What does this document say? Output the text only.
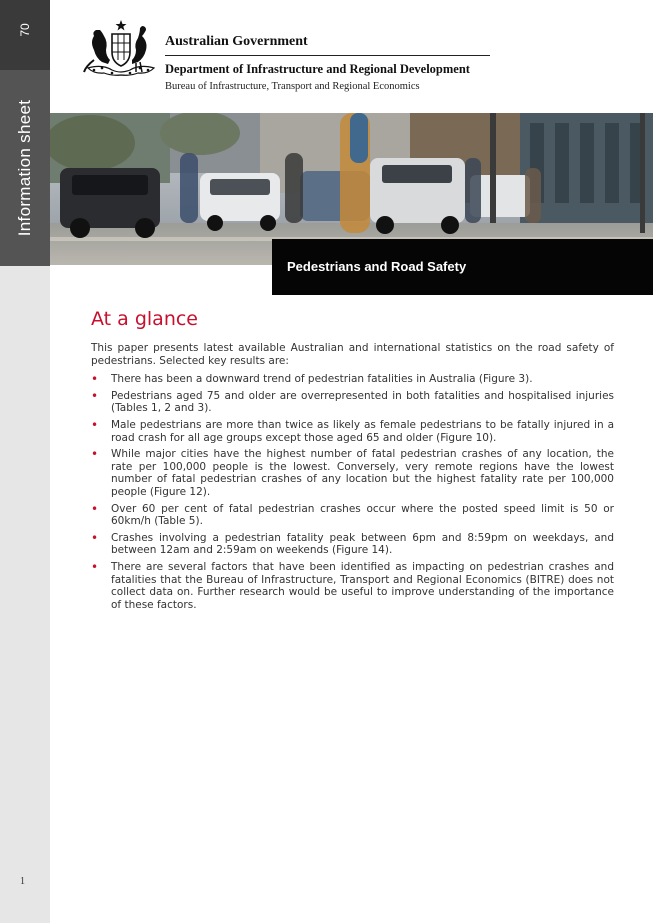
70
Information sheet
1
Australian Government
Department of Infrastructure and Regional Development
Bureau of Infrastructure, Transport and Regional Economics
Pedestrians and Road Safety
At a glance

This paper presents latest available Australian and international statistics on the road safety of pedestrians. Selected key results are:

• There has been a downward trend of pedestrian fatalities in Australia (Figure 3).
• Pedestrians aged 75 and older are overrepresented in both fatalities and hospitalised injuries (Tables 1, 2 and 3).
• Male pedestrians are more than twice as likely as female pedestrians to be fatally injured in a road crash for all age groups except those aged 65 and older (Figure 10).
• While major cities have the highest number of fatal pedestrian crashes of any location, the rate per 100,000 people is the lowest. Conversely, very remote regions have the lowest number of fatal pedestrian crashes of any location but the highest fatality rate per 100,000 people (Figure 12).
• Over 60 per cent of fatal pedestrian crashes occur where the posted speed limit is 50 or 60km/h (Table 5).
• Crashes involving a pedestrian fatality peak between 6pm and 8:59pm on weekdays, and between 12am and 2:59am on weekends (Figure 14).
• There are several factors that have been identified as impacting on pedestrian crashes and fatalities that the Bureau of Infrastructure, Transport and Regional Economics (BITRE) does not collect data on. Further research would be useful to improve understanding of the importance of these factors.
